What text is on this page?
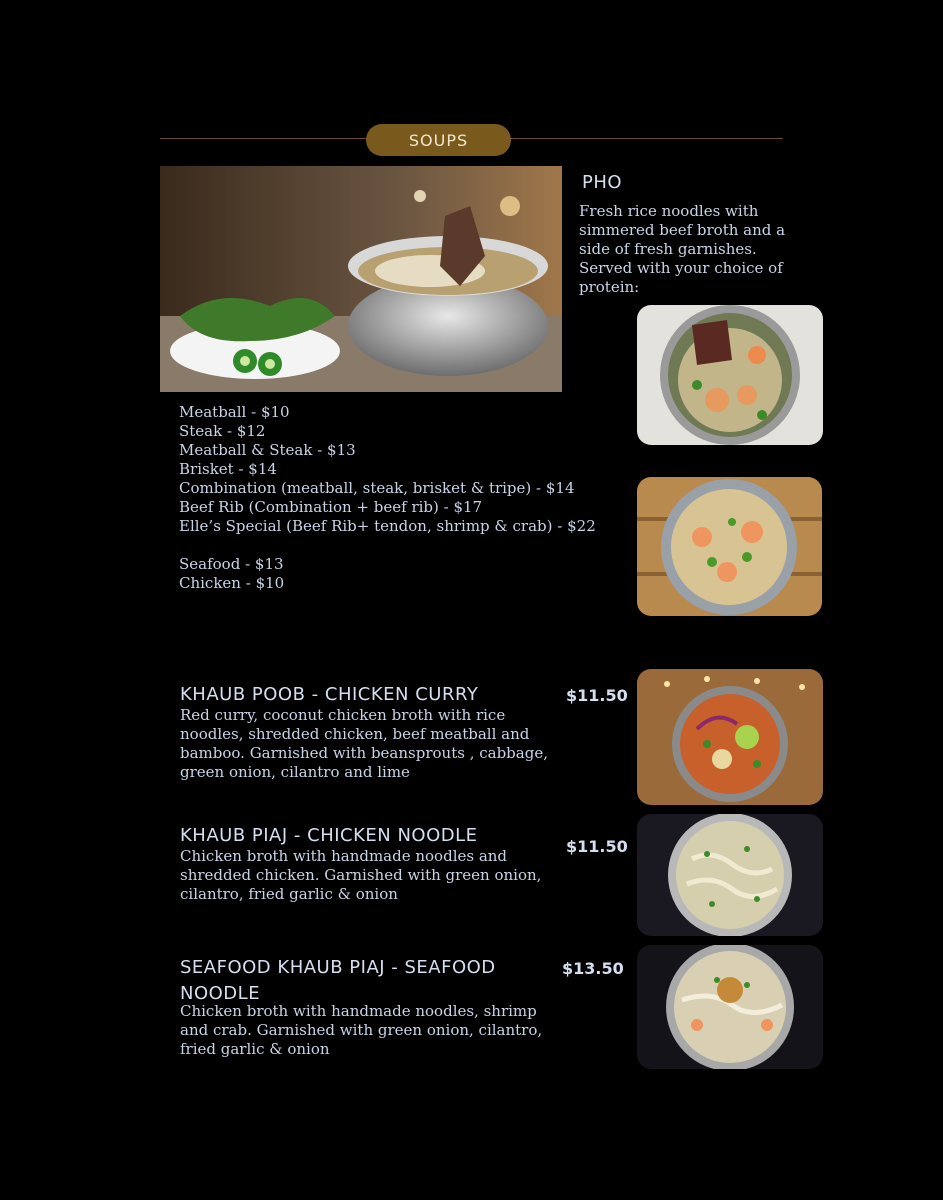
SOUPS
PHO
Fresh rice noodles with simmered beef broth and a side of fresh garnishes. Served with your choice of protein:
Meatball - $10
Steak - $12
Meatball & Steak - $13
Brisket - $14
Combination (meatball, steak, brisket & tripe) - $14
Beef Rib (Combination + beef rib) - $17
Elle’s Special (Beef Rib+ tendon, shrimp & crab) - $22
Seafood - $13
Chicken - $10
KHAUB POOB - CHICKEN CURRY	$11.50
Red curry, coconut chicken broth with rice noodles, shredded chicken, beef meatball and bamboo. Garnished with beansprouts , cabbage, green onion, cilantro and lime
KHAUB PIAJ - CHICKEN NOODLE
$11.50
Chicken broth with handmade noodles and shredded chicken. Garnished with green onion, cilantro, fried garlic & onion
SEAFOOD KHAUB PIAJ - SEAFOOD NOODLE
$13.50
Chicken broth with handmade noodles, shrimp and crab. Garnished with green onion, cilantro, fried garlic & onion
